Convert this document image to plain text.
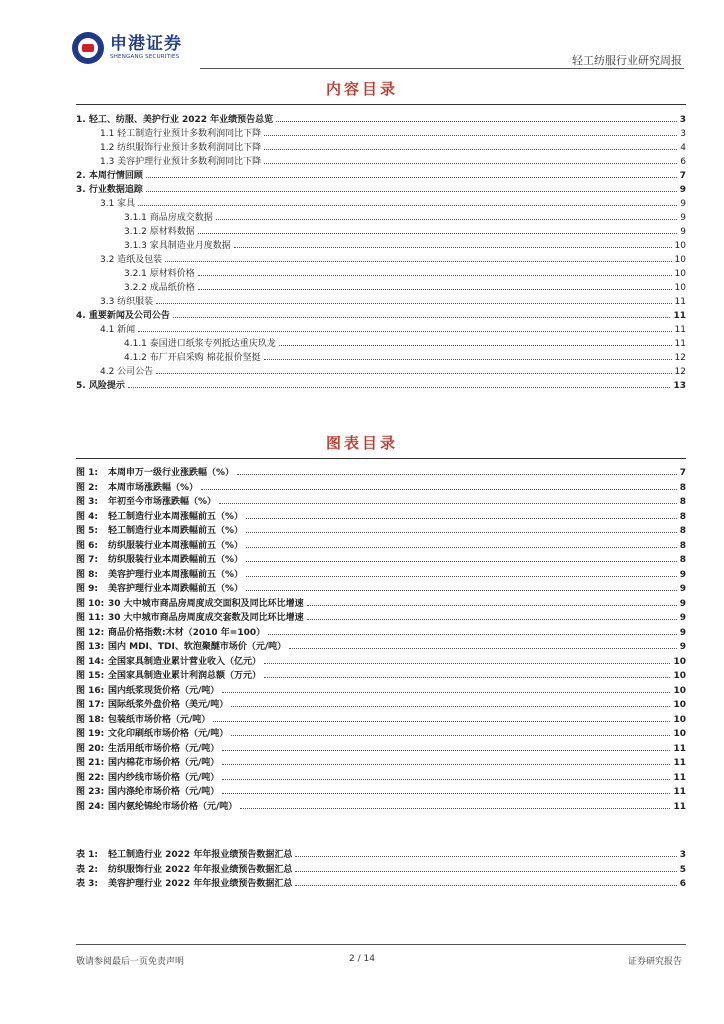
申港证券
SHENGANG SECURITIES	轻工纺服行业研究周报
内容目录
1. 轻工、纺服、美护行业 2022 年业绩预告总览	3
1.1 轻工制造行业预计多数利润同比下降	3
1.2 纺织服饰行业预计多数利润同比下降	4
1.3 美容护理行业预计多数利润同比下降	6
2. 本周行情回顾	7
3. 行业数据追踪	9
3.1 家具	9
3.1.1 商品房成交数据	9
3.1.2 原材料数据	9
3.1.3 家具制造业月度数据	10
3.2 造纸及包装	10
3.2.1 原材料价格	10
3.2.2 成品纸价格	10
3.3 纺织服装	11
4. 重要新闻及公司公告	11
4.1 新闻	11
4.1.1 泰国进口纸浆专列抵达重庆玖龙	11
4.1.2 布厂开启采购 棉花报价坚挺	12
4.2 公司公告	12
5. 风险提示	13
图表目录
图 1:	本周申万一级行业涨跌幅（%）	7
图 2:	本周市场涨跌幅（%）	8
图 3:	年初至今市场涨跌幅（%）	8
图 4:	轻工制造行业本周涨幅前五（%）	8
图 5:	轻工制造行业本周跌幅前五（%）	8
图 6:	纺织服装行业本周涨幅前五（%）	8
图 7:	纺织服装行业本周跌幅前五（%）	8
图 8:	美容护理行业本周涨幅前五（%）	9
图 9:	美容护理行业本周跌幅前五（%）	9
图 10: 30 大中城市商品房周度成交面积及同比环比增速	9
图 11: 30 大中城市商品房周度成交套数及同比环比增速	9
图 12: 商品价格指数:木材（2010 年=100）	9
图 13: 国内 MDI、TDI、软泡聚醚市场价（元/吨）	9
图 14: 全国家具制造业累计营业收入（亿元）	10
图 15: 全国家具制造业累计利润总额（万元）	10
图 16: 国内纸浆现货价格（元/吨）	10
图 17: 国际纸浆外盘价格（美元/吨）	10
图 18: 包装纸市场价格（元/吨）	10
图 19: 文化印刷纸市场价格（元/吨）	10
图 20: 生活用纸市场价格（元/吨）	11
图 21: 国内棉花市场价格（元/吨）	11
图 22: 国内纱线市场价格（元/吨）	11
图 23: 国内涤纶市场价格（元/吨）	11
图 24: 国内氨纶锦纶市场价格（元/吨）	11
表 1:	轻工制造行业 2022 年年报业绩预告数据汇总	3
表 2:	纺织服饰行业 2022 年年报业绩预告数据汇总	5
表 3:	美容护理行业 2022 年年报业绩预告数据汇总	6
敬请参阅最后一页免责声明	2 / 14	证券研究报告
